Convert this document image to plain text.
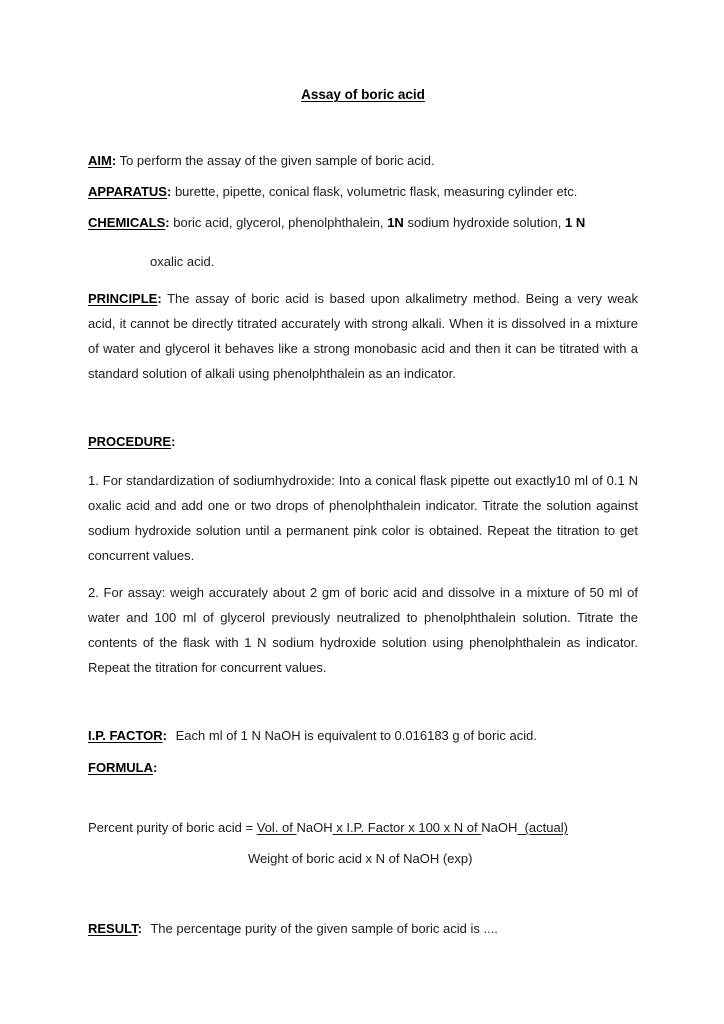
Assay of boric acid

AIM: To perform the assay of the given sample of boric acid.

APPARATUS: burette, pipette, conical flask, volumetric flask, measuring cylinder etc.

CHEMICALS: boric acid, glycerol, phenolphthalein, 1N sodium hydroxide solution, 1 N

oxalic acid.

PRINCIPLE: The assay of boric acid is based upon alkalimetry method. Being a very weak acid, it cannot be directly titrated accurately with strong alkali. When it is dissolved in a mixture of water and glycerol it behaves like a strong monobasic acid and then it can be titrated with a standard solution of alkali using phenolphthalein as an indicator.

PROCEDURE:

1. For standardization of sodiumhydroxide: Into a conical flask pipette out exactly10 ml of 0.1 N oxalic acid and add one or two drops of phenolphthalein indicator. Titrate the solution against sodium hydroxide solution until a permanent pink color is obtained. Repeat the titration to get concurrent values.

2. For assay: weigh accurately about 2 gm of boric acid and dissolve in a mixture of 50 ml of water and 100 ml of glycerol previously neutralized to phenolphthalein solution. Titrate the contents of the flask with 1 N sodium hydroxide solution using phenolphthalein as indicator. Repeat the titration for concurrent values.

I.P. FACTOR: Each ml of 1 N NaOH is equivalent to 0.016183 g of boric acid.

FORMULA:

Percent purity of boric acid = Vol. of NaOH x I.P. Factor x 100 x N of NaOH  (actual)

Weight of boric acid x N of NaOH (exp)

RESULT: The percentage purity of the given sample of boric acid is ....
